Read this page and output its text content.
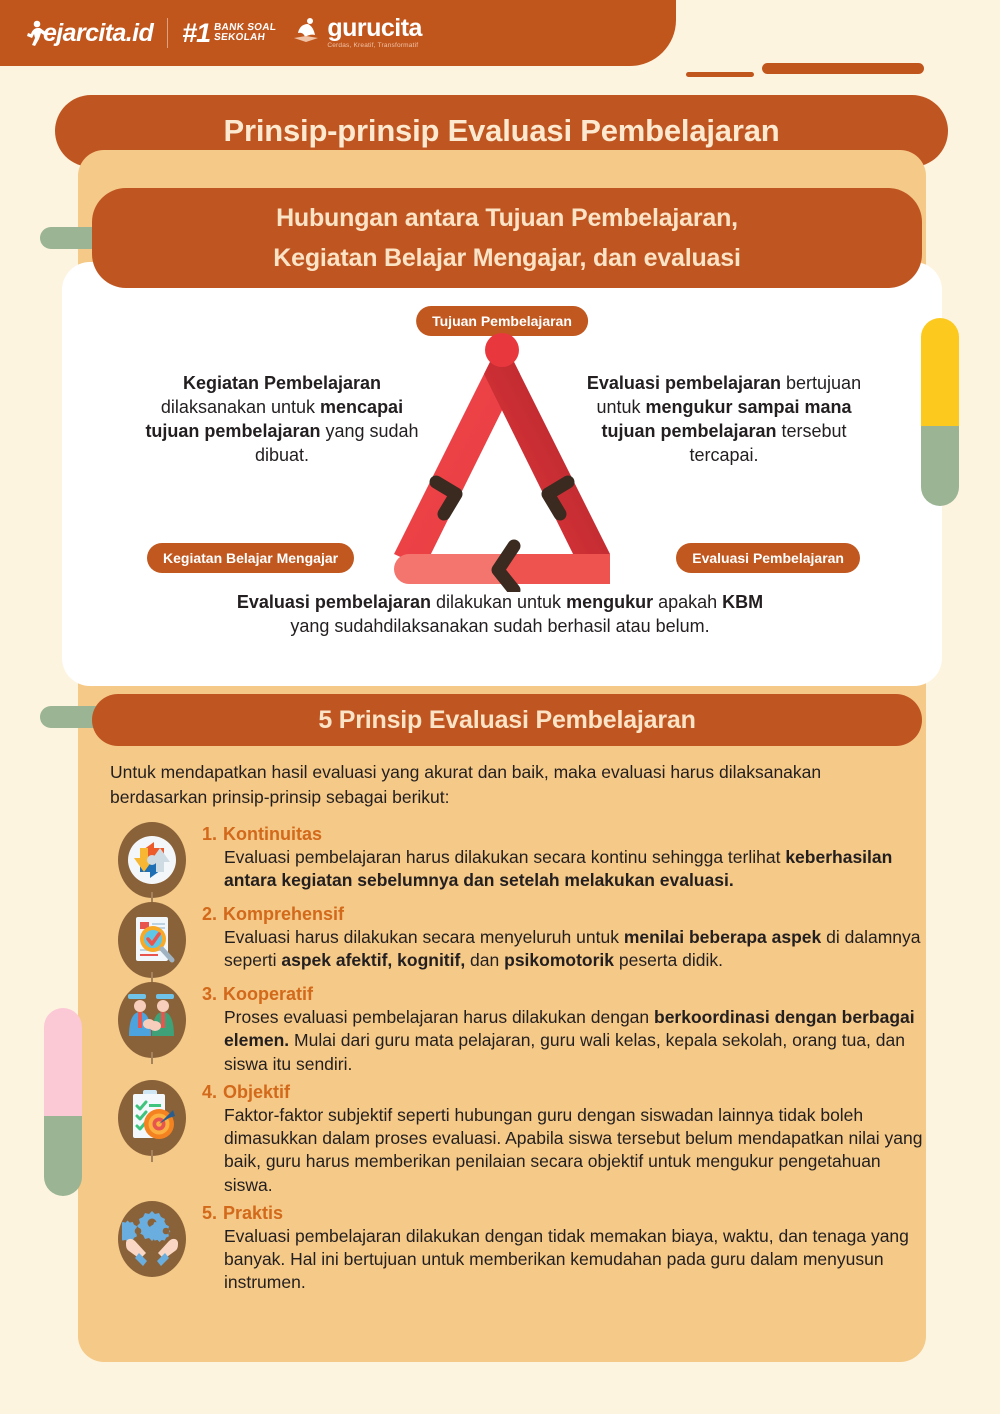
ejarcita.id #1 BANK SOAL
SEKOLAH	gurucita
Cerdas, Kreatif, Transformatif
Prinsip-prinsip Evaluasi Pembelajaran
Hubungan antara Tujuan Pembelajaran,
Kegiatan Belajar Mengajar, dan evaluasi
Tujuan Pembelajaran
Kegiatan Pembelajaran dilaksanakan untuk mencapai tujuan pembelajaran yang sudah dibuat.
Evaluasi pembelajaran bertujuan untuk mengukur sampai mana tujuan pembelajaran tersebut tercapai.
Kegiatan Belajar Mengajar	Evaluasi Pembelajaran
Evaluasi pembelajaran dilakukan untuk mengukur apakah KBM yang sudahdilaksanakan sudah berhasil atau belum.
5 Prinsip Evaluasi Pembelajaran
Untuk mendapatkan hasil evaluasi yang akurat dan baik, maka evaluasi harus dilaksanakan berdasarkan prinsip-prinsip sebagai berikut:
1. Kontinuitas
Evaluasi pembelajaran harus dilakukan secara kontinu sehingga terlihat keberhasilan antara kegiatan sebelumnya dan setelah melakukan evaluasi.
2. Komprehensif
Evaluasi harus dilakukan secara menyeluruh untuk menilai beberapa aspek di dalamnya seperti aspek afektif, kognitif, dan psikomotorik peserta didik.
3. Kooperatif
Proses evaluasi pembelajaran harus dilakukan dengan berkoordinasi dengan berbagai elemen. Mulai dari guru mata pelajaran, guru wali kelas, kepala sekolah, orang tua, dan siswa itu sendiri.
4. Objektif
Faktor-faktor subjektif seperti hubungan guru dengan siswadan lainnya tidak boleh dimasukkan dalam proses evaluasi. Apabila siswa tersebut belum mendapatkan nilai yang baik, guru harus memberikan penilaian secara objektif untuk mengukur pengetahuan siswa.
5. Praktis
Evaluasi pembelajaran dilakukan dengan tidak memakan biaya, waktu, dan tenaga yang banyak. Hal ini bertujuan untuk memberikan kemudahan pada guru dalam menyusun instrumen.
